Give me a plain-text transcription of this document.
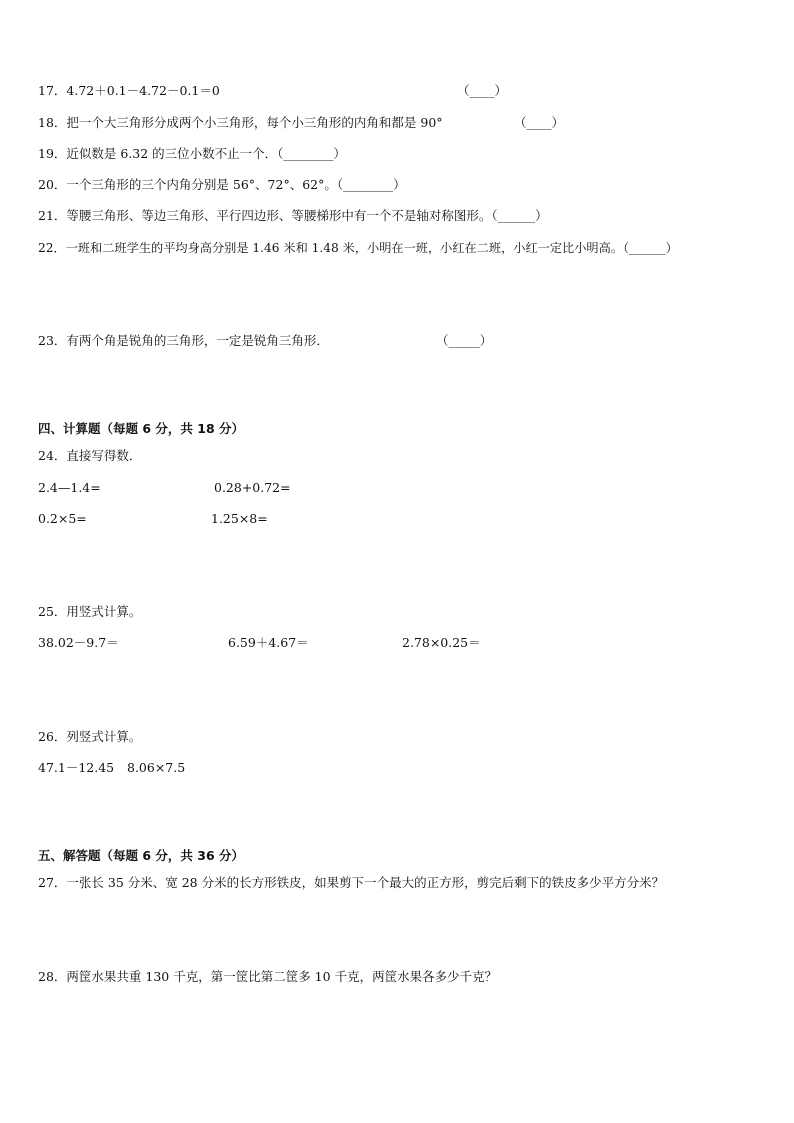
17．4.72＋0.1－4.72－0.1＝0	（____）
18．把一个大三角形分成两个小三角形，每个小三角形的内角和都是 90°	（____）
19．近似数是 6.32 的三位小数不止一个．（________）
20．一个三角形的三个内角分别是 56°、72°、62°。（________）
21．等腰三角形、等边三角形、平行四边形、等腰梯形中有一个不是轴对称图形。（______）
22．一班和二班学生的平均身高分别是 1.46 米和 1.48 米，小明在一班，小红在二班，小红一定比小明高。（______）
23．有两个角是锐角的三角形，一定是锐角三角形．	（_____）
四、计算题（每题 6 分，共 18 分）
24．直接写得数．
2.4—1.4=	0.28+0.72=
0.2×5=	1.25×8=
25．用竖式计算。
38.02－9.7＝	6.59＋4.67＝	2.78×0.25＝
26．列竖式计算。
47.1－12.45 8.06×7.5
五、解答题（每题 6 分，共 36 分）
27．一张长 35 分米、宽 28 分米的长方形铁皮，如果剪下一个最大的正方形，剪完后剩下的铁皮多少平方分米？
28．两筐水果共重 130 千克，第一筐比第二筐多 10 千克，两筐水果各多少千克？
